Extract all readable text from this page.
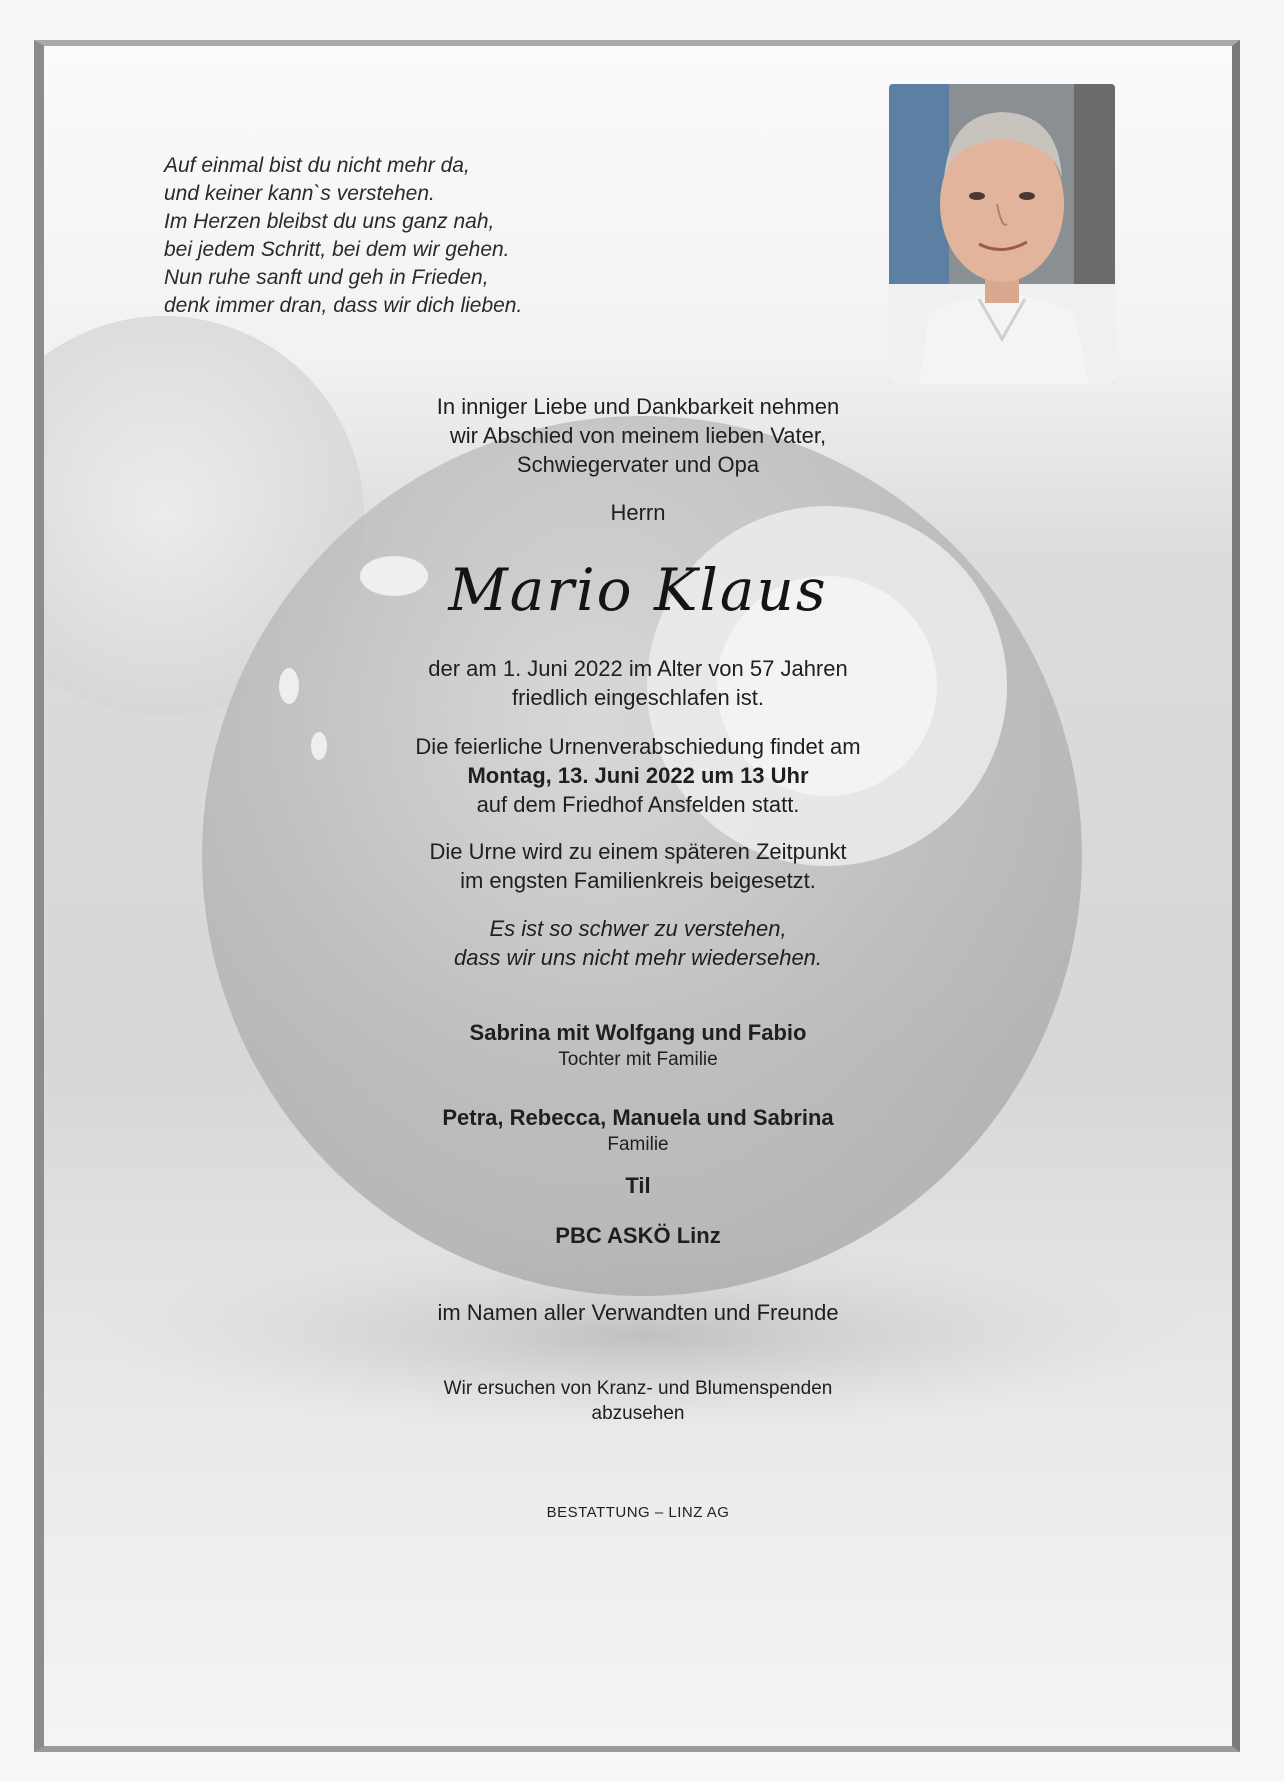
Auf einmal bist du nicht mehr da,
und keiner kann`s verstehen.
Im Herzen bleibst du uns ganz nah,
bei jedem Schritt, bei dem wir gehen.
Nun ruhe sanft und geh in Frieden,
denk immer dran, dass wir dich lieben.
In inniger Liebe und Dankbarkeit nehmen
wir Abschied von meinem lieben Vater,
Schwiegervater und Opa
Herrn
Mario Klaus
der am 1. Juni 2022 im Alter von 57 Jahren
friedlich eingeschlafen ist.
Die feierliche Urnenverabschiedung findet am
Montag, 13. Juni 2022 um 13 Uhr
auf dem Friedhof Ansfelden statt.
Die Urne wird zu einem späteren Zeitpunkt
im engsten Familienkreis beigesetzt.
Es ist so schwer zu verstehen,
dass wir uns nicht mehr wiedersehen.
Sabrina mit Wolfgang und Fabio
Tochter mit Familie
Petra, Rebecca, Manuela und Sabrina
Familie
Til
PBC ASKÖ Linz
im Namen aller Verwandten und Freunde
Wir ersuchen von Kranz- und Blumenspenden
abzusehen
BESTATTUNG – LINZ AG
